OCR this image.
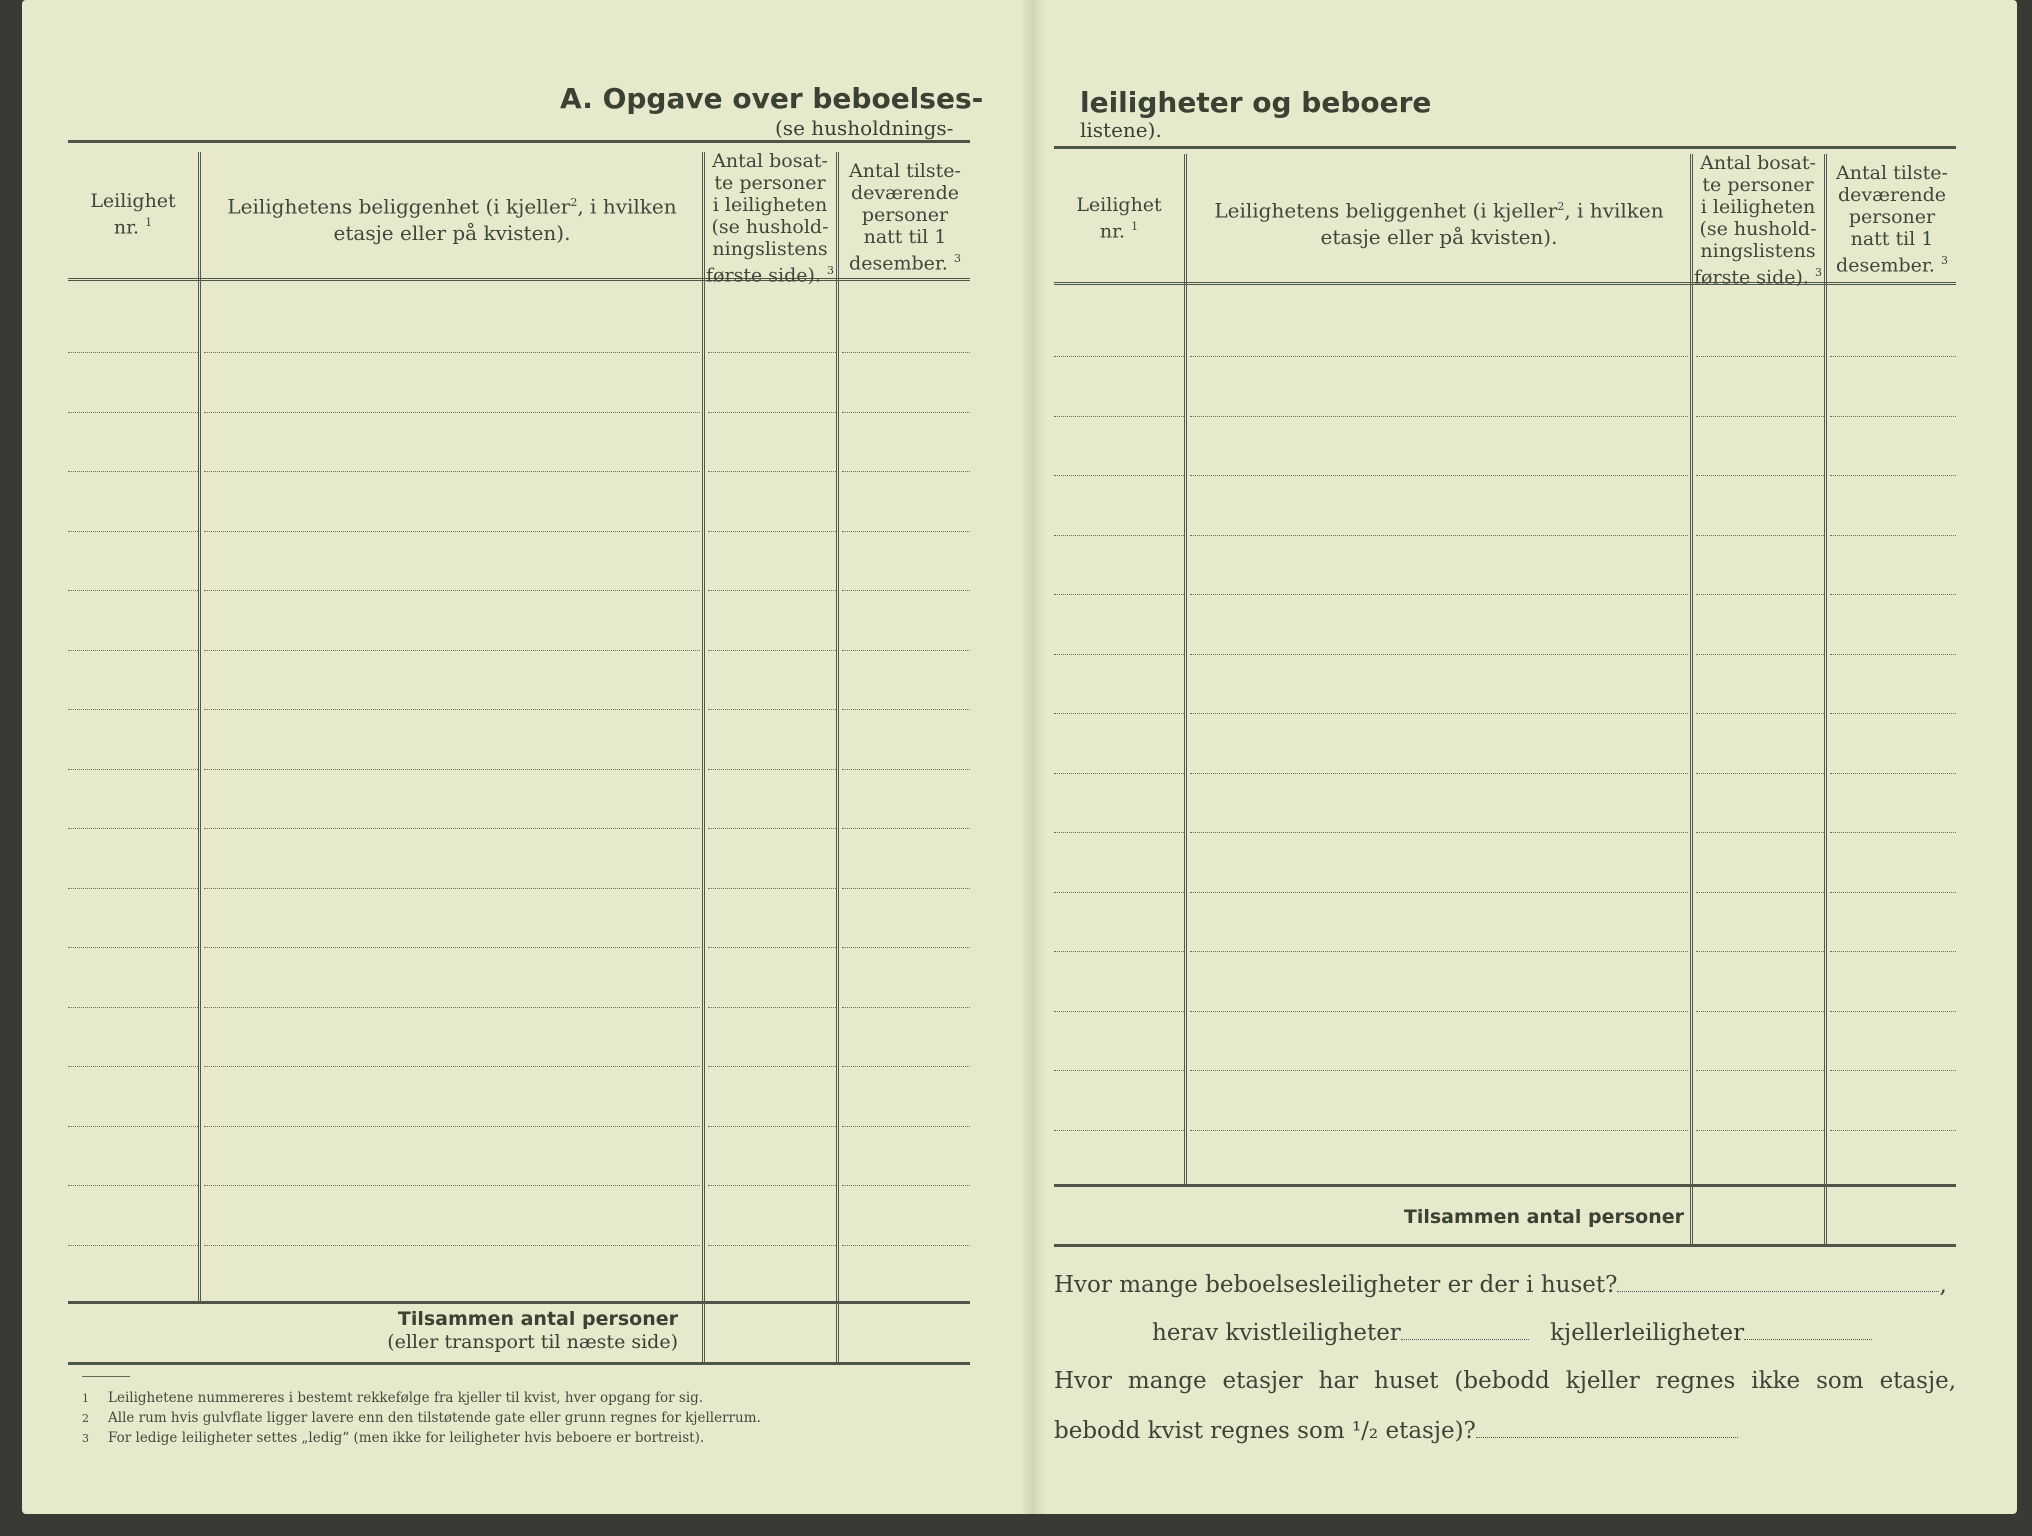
A. Opgave over beboelses-
(se husholdnings-
leiligheter og beboere
listene).
Leilighet
nr. $^1$
Leilighetens beliggenhet (i kjeller$^2$, i hvilken
etasje eller på kvisten).
Antal bosat-
te personer
i leiligheten
(se hushold-
ningslistens
første side). $^3$
Antal tilste-
deværende
personer
natt til 1
desember. $^3$
Tilsammen antal personer
(eller transport til næste side)
Leilighet
nr. $^1$
Leilighetens beliggenhet (i kjeller$^2$, i hvilken
etasje eller på kvisten).
Antal bosat-
te personer
i leiligheten
(se hushold-
ningslistens
første side). $^3$
Antal tilste-
deværende
personer
natt til 1
desember. $^3$
Tilsammen antal personer
1 Leilighetene nummereres i bestemt rekkefølge fra kjeller til kvist, hver opgang for sig.
2 Alle rum hvis gulvflate ligger lavere enn den tilstøtende gate eller grunn regnes for kjellerrum.
3 For ledige leiligheter settes „ledig“ (men ikke for leiligheter hvis beboere er bortreist).
Hvor mange beboelsesleiligheter er der i huset?	,
herav kvistleiligheter	kjellerleiligheter
Hvor mange etasjer har huset (bebodd kjeller regnes ikke som etasje,
bebodd kvist regnes som ¹/₂ etasje)?
